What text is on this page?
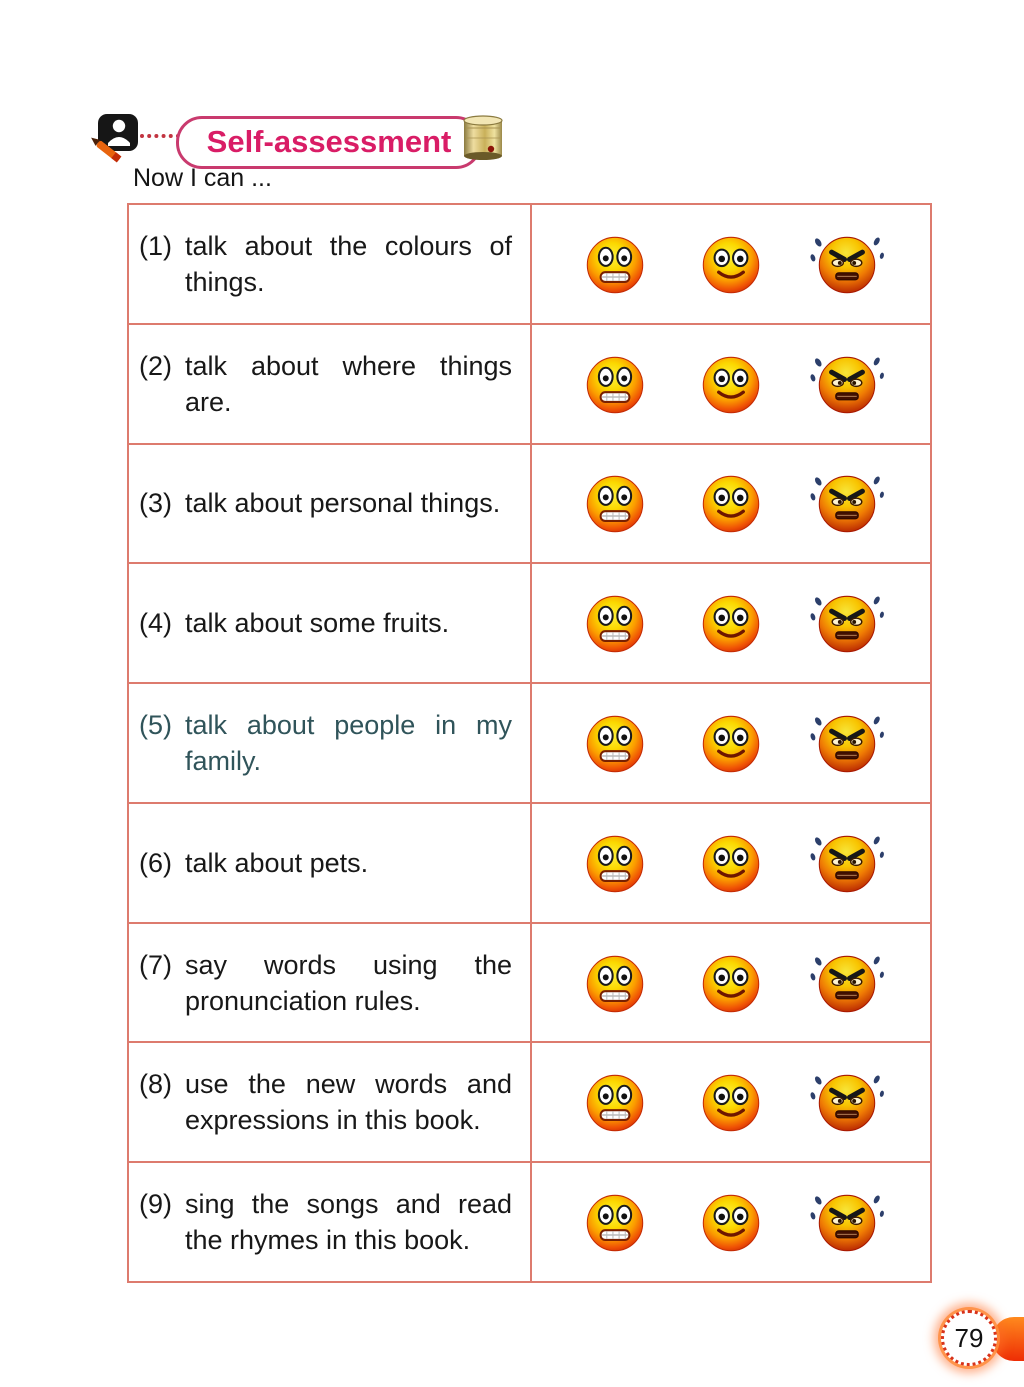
Self-assessment
Now I can ...
(1) talk about the colours of things.
(2) talk about where things are.
(3) talk about personal things.
(4) talk about some fruits.
(5) talk about people in my family.
(6) talk about pets.
(7) say words using the pronunciation rules.
(8) use the new words and expressions in this book.
(9) sing the songs and read the rhymes in this book.
79
